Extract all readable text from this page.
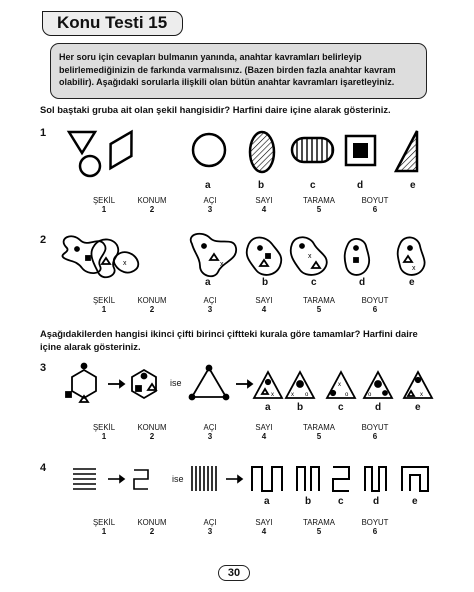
Konu Testi 15
Her soru için cevapları bulmanın yanında, anahtar kavramları belirleyip belirlemediğinizin de farkında varmalısınız. (Bazen birden fazla anahtar kavram olabilir). Aşağıdaki sorularla ilişkili olan bütün anahtar kavramları işaretleyiniz.
Sol baştaki gruba ait olan şekil hangisidir? Harfini daire içine alarak gösteriniz.
1
x	x
x
x
x	x o
x
o	o	x
a	b	c	d	e
ŞEKİL
1
KONUM
2
AÇI
3
SAYI
4
TARAMA
5
BOYUT
6
2
a	b	c	d	e
ŞEKİL
1
KONUM
2
AÇI
3
SAYI
4
TARAMA
5
BOYUT
6
Aşağıdakilerden hangisi ikinci çifti birinci çiftteki kurala göre tamamlar? Harfini daire içine alarak gösteriniz.
3
ise
a	b	c	d	e
ŞEKİL
1
KONUM
2
AÇI
3
SAYI
4
TARAMA
5
BOYUT
6
4
ise
a	b	c	d	e
ŞEKİL
1
KONUM
2
AÇI
3
SAYI
4
TARAMA
5
BOYUT
6
30
